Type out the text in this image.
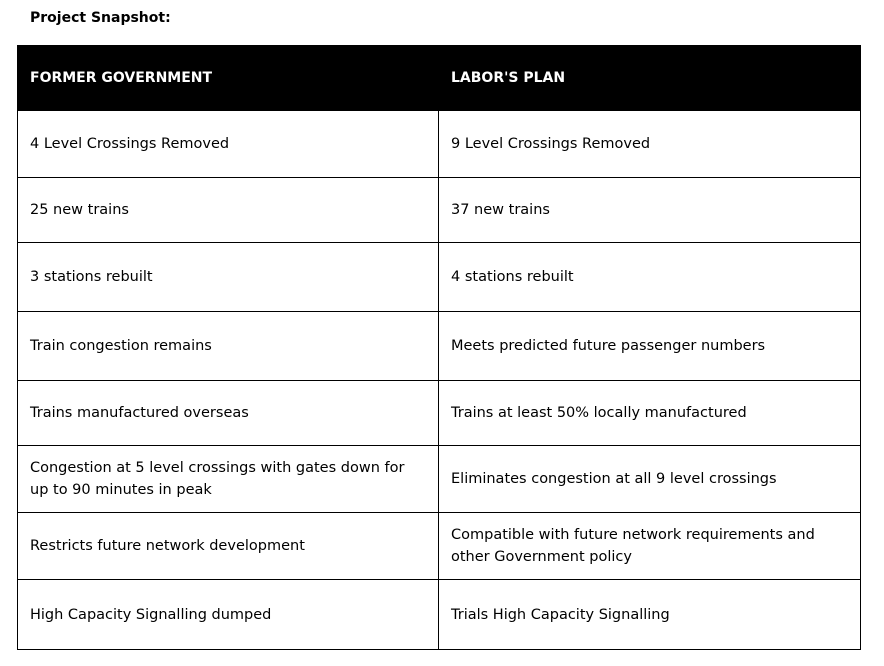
Project Snapshot:
FORMER GOVERNMENT	LABOR'S PLAN
4 Level Crossings Removed	9 Level Crossings Removed
25 new trains	37 new trains
3 stations rebuilt	4 stations rebuilt
Train congestion remains	Meets predicted future passenger numbers
Trains manufactured overseas	Trains at least 50% locally manufactured
Congestion at 5 level crossings with gates down for up to 90 minutes in peak	Eliminates congestion at all 9 level crossings
Restricts future network development	Compatible with future network requirements and other Government policy
High Capacity Signalling dumped	Trials High Capacity Signalling
